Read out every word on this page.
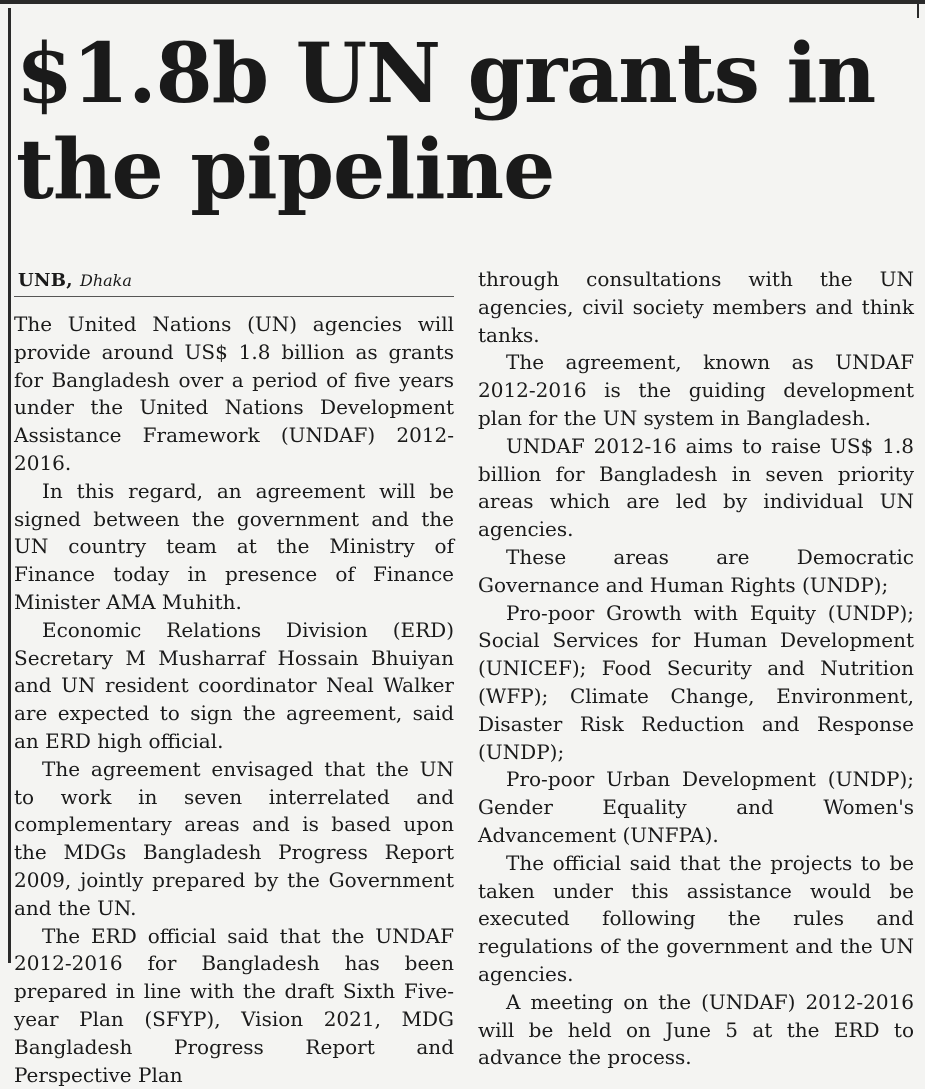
$1.8b UN grants in
the pipeline
UNB, Dhaka

The United Nations (UN) agencies will provide around US$ 1.8 billion as grants for Bangladesh over a period of five years under the United Nations Development Assistance Framework (UNDAF) 2012-2016.

In this regard, an agreement will be signed between the government and the UN country team at the Ministry of Finance today in presence of Finance Minister AMA Muhith.

Economic Relations Division (ERD) Secretary M Musharraf Hossain Bhuiyan and UN resident coordinator Neal Walker are expected to sign the agreement, said an ERD high official.

The agreement envisaged that the UN to work in seven interrelated and complementary areas and is based upon the MDGs Bangladesh Progress Report 2009, jointly prepared by the Government and the UN.

The ERD official said that the UNDAF 2012-2016 for Bangladesh has been prepared in line with the draft Sixth Five-year Plan (SFYP), Vision 2021, MDG Bangladesh Progress Report and Perspective Plan

through consultations with the UN agencies, civil society members and think tanks.

The agreement, known as UNDAF 2012-2016 is the guiding development plan for the UN system in Bangladesh.

UNDAF 2012-16 aims to raise US$ 1.8 billion for Bangladesh in seven priority areas which are led by individual UN agencies.

These areas are Democratic Governance and Human Rights (UNDP);

Pro-poor Growth with Equity (UNDP); Social Services for Human Development (UNICEF); Food Security and Nutrition (WFP); Climate Change, Environment, Disaster Risk Reduction and Response (UNDP);

Pro-poor Urban Development (UNDP); Gender Equality and Women's Advancement (UNFPA).

The official said that the projects to be taken under this assistance would be executed following the rules and regulations of the government and the UN agencies.

A meeting on the (UNDAF) 2012-2016 will be held on June 5 at the ERD to advance the process.
